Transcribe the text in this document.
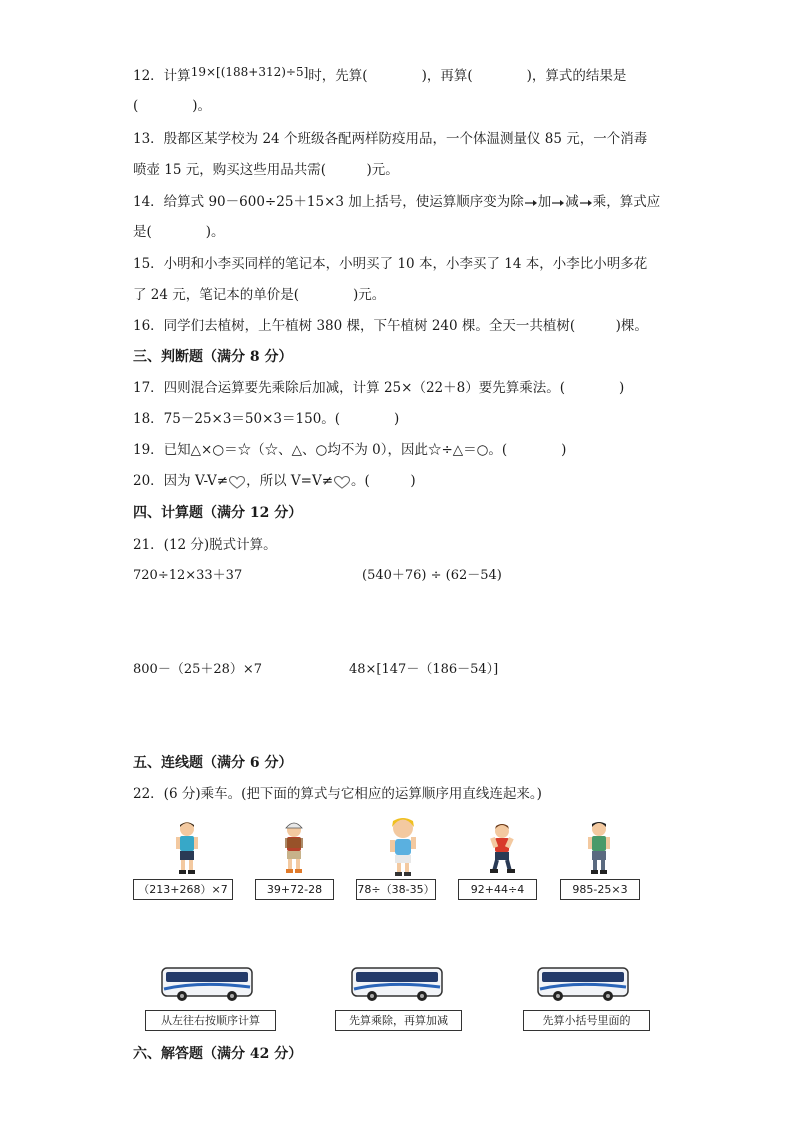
12．计算19×[(188+312)÷5]时，先算(　　　　)，再算(　　　　)，算式的结果是
(　　　　)。
13．殷都区某学校为 24 个班级各配两样防疫用品，一个体温测量仪 85 元，一个消毒
喷壶 15 元，购买这些用品共需(　　　)元。
14．给算式 90－600÷25＋15×3 加上括号，使运算顺序变为除 加 减 乘，算式应
是(　　　　)。
15．小明和小李买同样的笔记本，小明买了 10 本，小李买了 14 本，小李比小明多花
了 24 元，笔记本的单价是(　　　　)元。
16．同学们去植树，上午植树 380 棵，下午植树 240 棵。全天一共植树(　　　)棵。
三、判断题（满分 8 分）
17．四则混合运算要先乘除后加减，计算 25×（22＋8）要先算乘法。(　　　　)
18．75－25×3＝50×3＝150。(　　　　)
19．已知△×○＝☆（☆、△、○均不为 0），因此☆÷△＝○。(　　　　)
20．因为 V-V≠ ，所以 V=V≠ 。(　　　)
四、计算题（满分 12 分）
21．(12 分)脱式计算。
720÷12×33＋37	(540＋76) ÷ (62－54)
800－（25＋28）×7	48×[147－（186－54）]
五、连线题（满分 6 分）
22．(6 分)乘车。(把下面的算式与它相应的运算顺序用直线连起来。)
（213+268）×7	39+72-28	78÷（38-35）	92+44÷4	985-25×3
从左往右按顺序计算	先算乘除，再算加减	先算小括号里面的
六、解答题（满分 42 分）
